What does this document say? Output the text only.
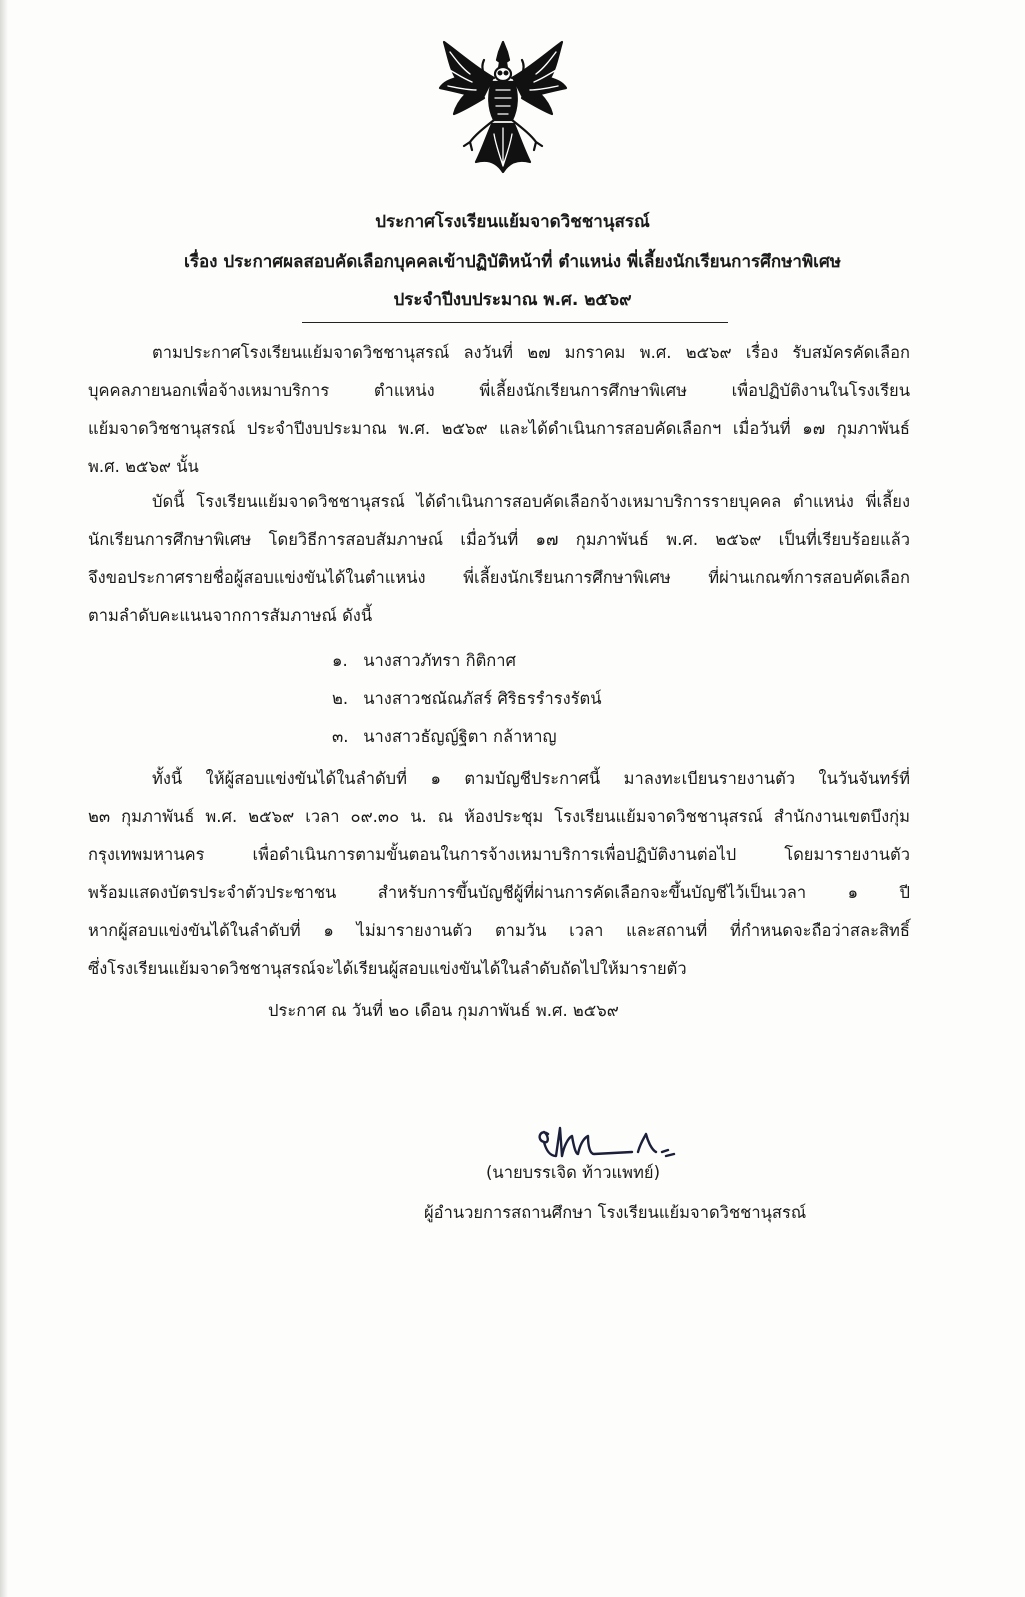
ประกาศโรงเรียนแย้มจาดวิชชานุสรณ์
เรื่อง ประกาศผลสอบคัดเลือกบุคคลเข้าปฏิบัติหน้าที่ ตำแหน่ง พี่เลี้ยงนักเรียนการศึกษาพิเศษ
ประจำปีงบประมาณ พ.ศ. ๒๕๖๙
ตามประกาศโรงเรียนแย้มจาดวิชชานุสรณ์ ลงวันที่ ๒๗ มกราคม พ.ศ. ๒๕๖๙ เรื่อง รับสมัครคัดเลือก
บุคคลภายนอกเพื่อจ้างเหมาบริการ ตำแหน่ง พี่เลี้ยงนักเรียนการศึกษาพิเศษ เพื่อปฏิบัติงานในโรงเรียน
แย้มจาดวิชชานุสรณ์ ประจำปีงบประมาณ พ.ศ. ๒๕๖๙ และได้ดำเนินการสอบคัดเลือกฯ เมื่อวันที่ ๑๗ กุมภาพันธ์
พ.ศ. ๒๕๖๙ นั้น
บัดนี้ โรงเรียนแย้มจาดวิชชานุสรณ์ ได้ดำเนินการสอบคัดเลือกจ้างเหมาบริการรายบุคคล ตำแหน่ง พี่เลี้ยง
นักเรียนการศึกษาพิเศษ โดยวิธีการสอบสัมภาษณ์ เมื่อวันที่ ๑๗ กุมภาพันธ์ พ.ศ. ๒๕๖๙ เป็นที่เรียบร้อยแล้ว
จึงขอประกาศรายชื่อผู้สอบแข่งขันได้ในตำแหน่ง พี่เลี้ยงนักเรียนการศึกษาพิเศษ ที่ผ่านเกณฑ์การสอบคัดเลือก
ตามลำดับคะแนนจากการสัมภาษณ์ ดังนี้
๑. นางสาวภัทรา กิติกาศ
๒. นางสาวชณัณภัสร์ ศิริธรรำรงรัตน์
๓. นางสาวธัญญ์ฐิตา กล้าหาญ
ทั้งนี้ ให้ผู้สอบแข่งขันได้ในลำดับที่ ๑ ตามบัญชีประกาศนี้ มาลงทะเบียนรายงานตัว ในวันจันทร์ที่
๒๓ กุมภาพันธ์ พ.ศ. ๒๕๖๙ เวลา ๐๙.๓๐ น. ณ ห้องประชุม โรงเรียนแย้มจาดวิชชานุสรณ์ สำนักงานเขตบึงกุ่ม
กรุงเทพมหานคร เพื่อดำเนินการตามขั้นตอนในการจ้างเหมาบริการเพื่อปฏิบัติงานต่อไป โดยมารายงานตัว
พร้อมแสดงบัตรประจำตัวประชาชน สำหรับการขึ้นบัญชีผู้ที่ผ่านการคัดเลือกจะขึ้นบัญชีไว้เป็นเวลา ๑ ปี
หากผู้สอบแข่งขันได้ในลำดับที่ ๑ ไม่มารายงานตัว ตามวัน เวลา และสถานที่ ที่กำหนดจะถือว่าสละสิทธิ์
ซึ่งโรงเรียนแย้มจาดวิชชานุสรณ์จะได้เรียนผู้สอบแข่งขันได้ในลำดับถัดไปให้มารายตัว
ประกาศ ณ วันที่ ๒๐ เดือน กุมภาพันธ์ พ.ศ. ๒๕๖๙
(นายบรรเจิด ท้าวแพทย์)
ผู้อำนวยการสถานศึกษา โรงเรียนแย้มจาดวิชชานุสรณ์
